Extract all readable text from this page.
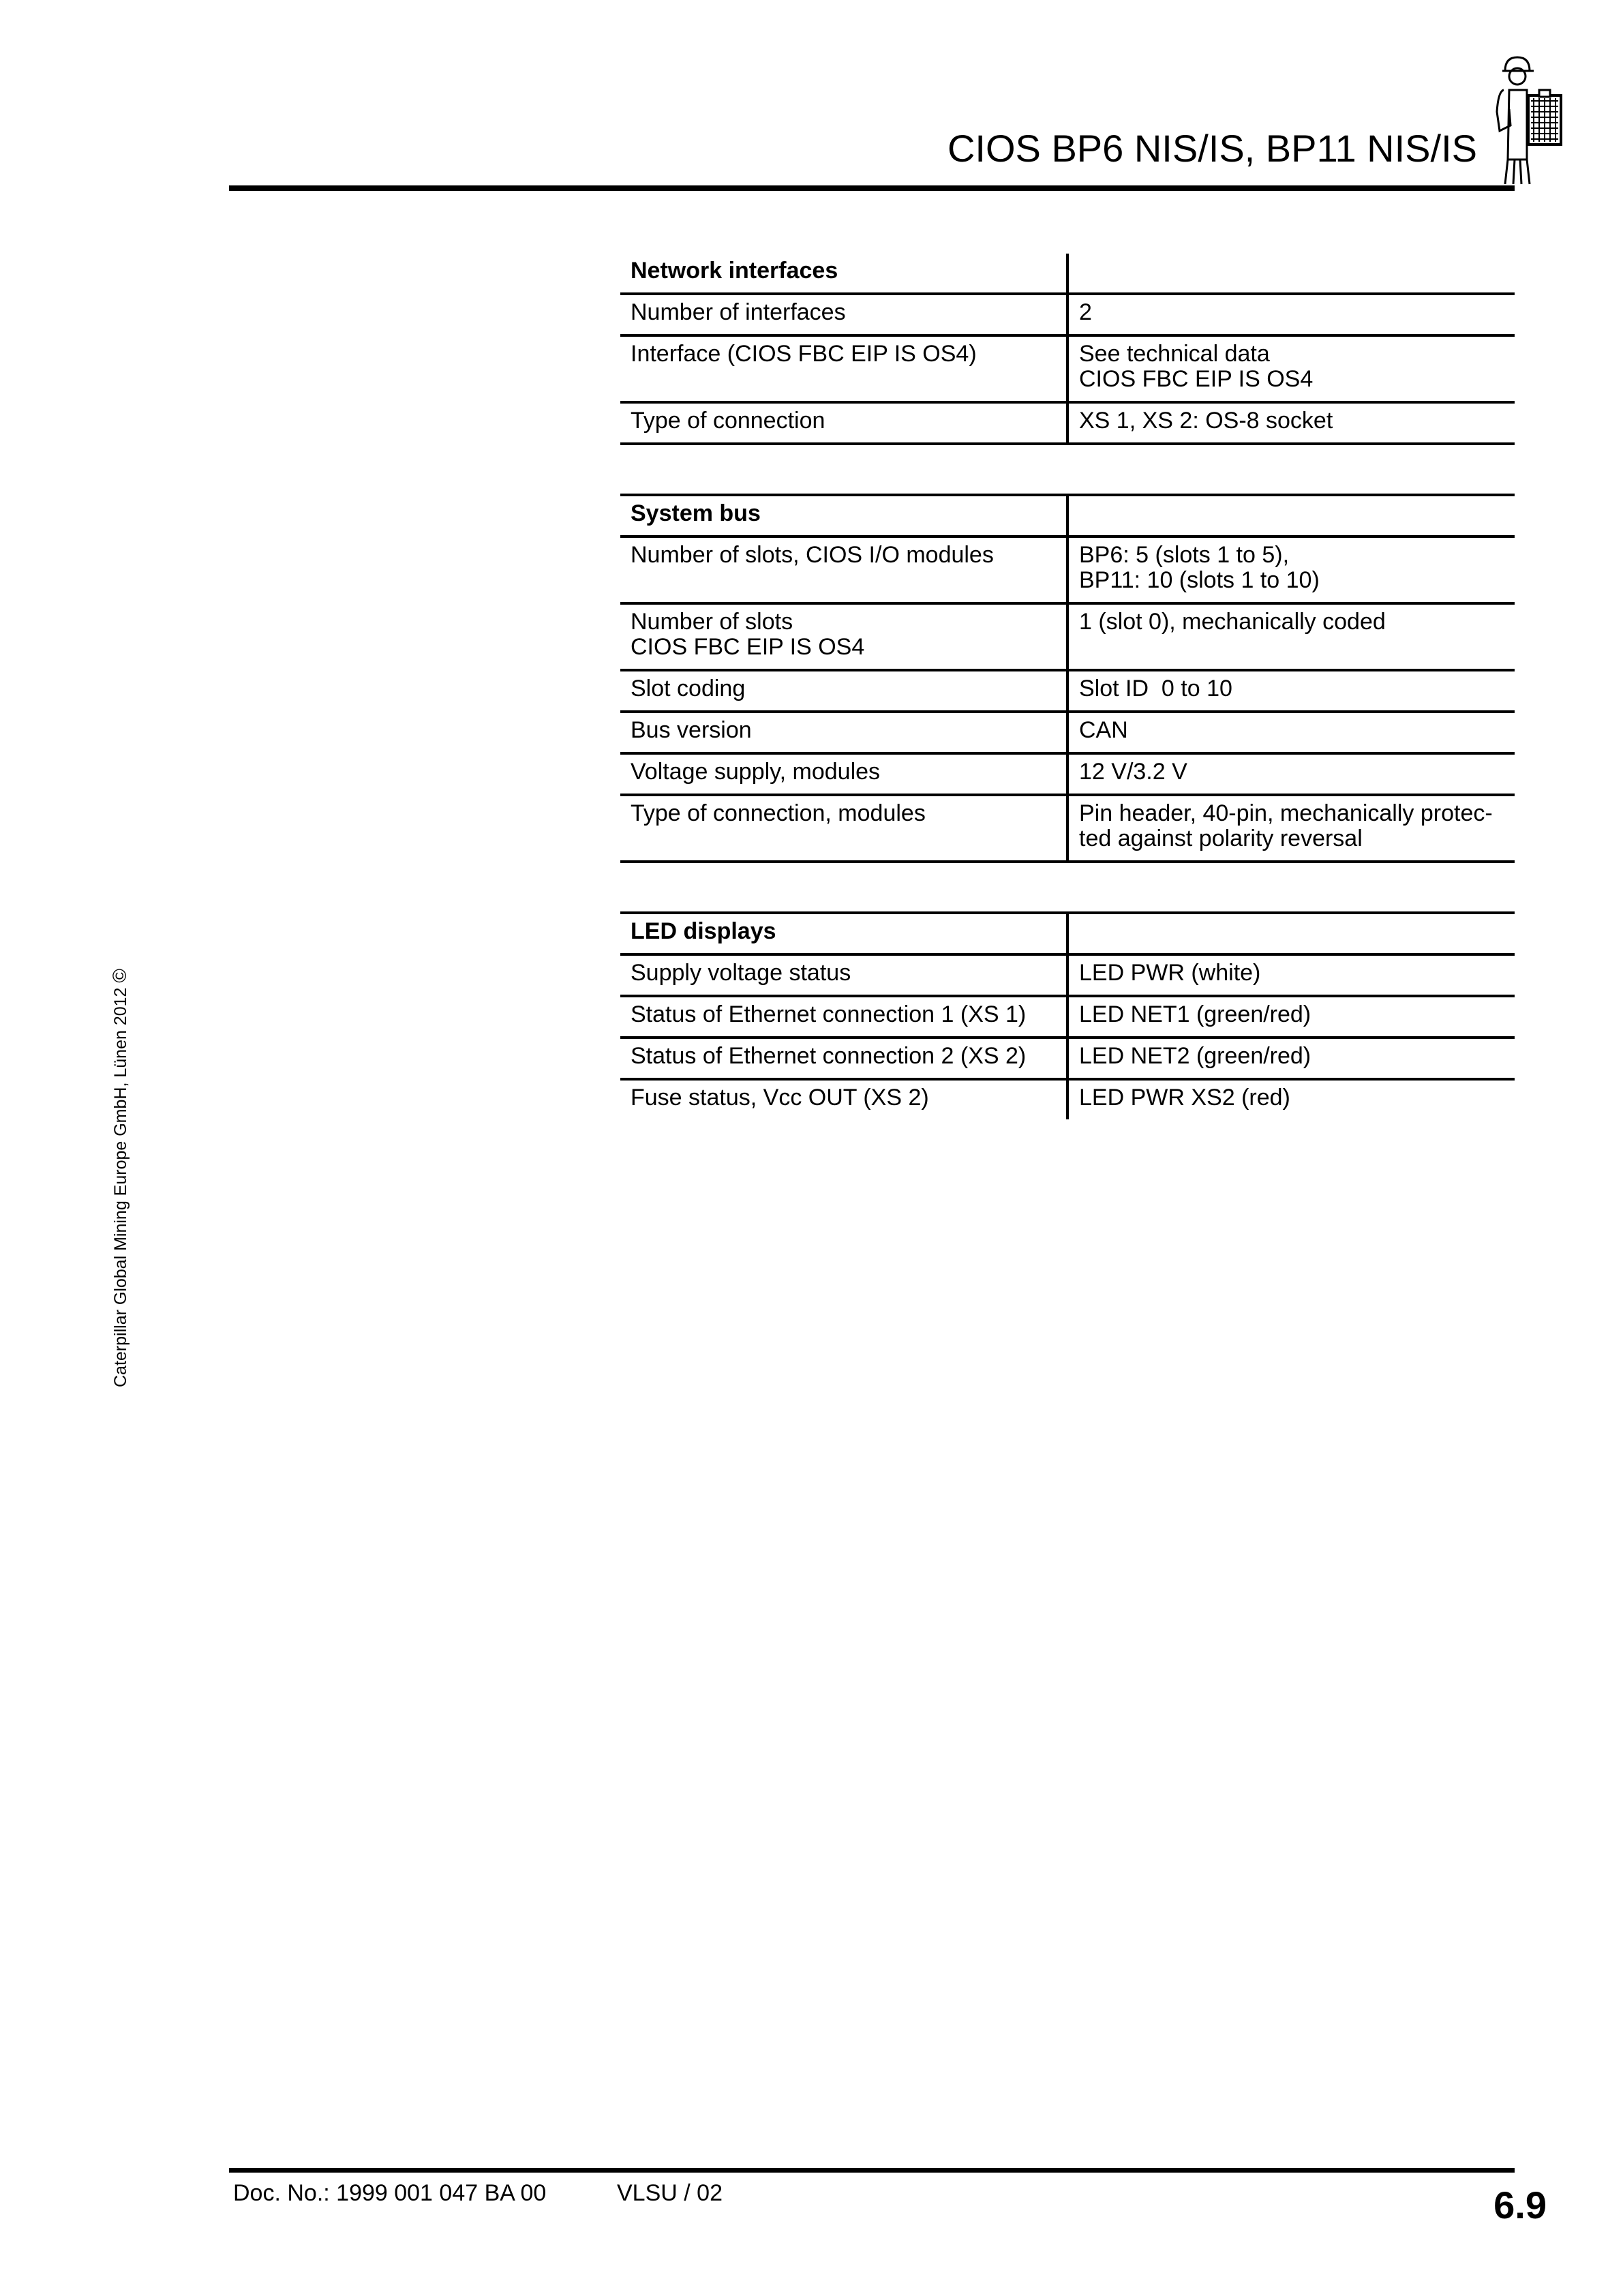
CIOS BP6 NIS/IS, BP11 NIS/IS
Caterpillar Global Mining Europe GmbH, Lünen 2012 ©
Network interfaces	

Number of interfaces	2

Interface (CIOS FBC EIP IS OS4)	See technical data
CIOS FBC EIP IS OS4

Type of connection	XS 1, XS 2: OS-8 socket
System bus	

Number of slots, CIOS I/O modules	BP6: 5 (slots 1 to 5),
BP11: 10 (slots 1 to 10)

Number of slots
CIOS FBC EIP IS OS4	1 (slot 0), mechanically coded

Slot coding	Slot ID  0 to 10

Bus version	CAN

Voltage supply, modules	12 V/3.2 V

Type of connection, modules	Pin header, 40-pin, mechanically protec-
ted against polarity reversal
LED displays	

Supply voltage status	LED PWR (white)

Status of Ethernet connection 1 (XS 1)	LED NET1 (green/red)

Status of Ethernet connection 2 (XS 2)	LED NET2 (green/red)

Fuse status, Vcc OUT (XS 2)	LED PWR XS2 (red)
Doc. No.: 1999 001 047 BA 00	VLSU / 02	6.9
